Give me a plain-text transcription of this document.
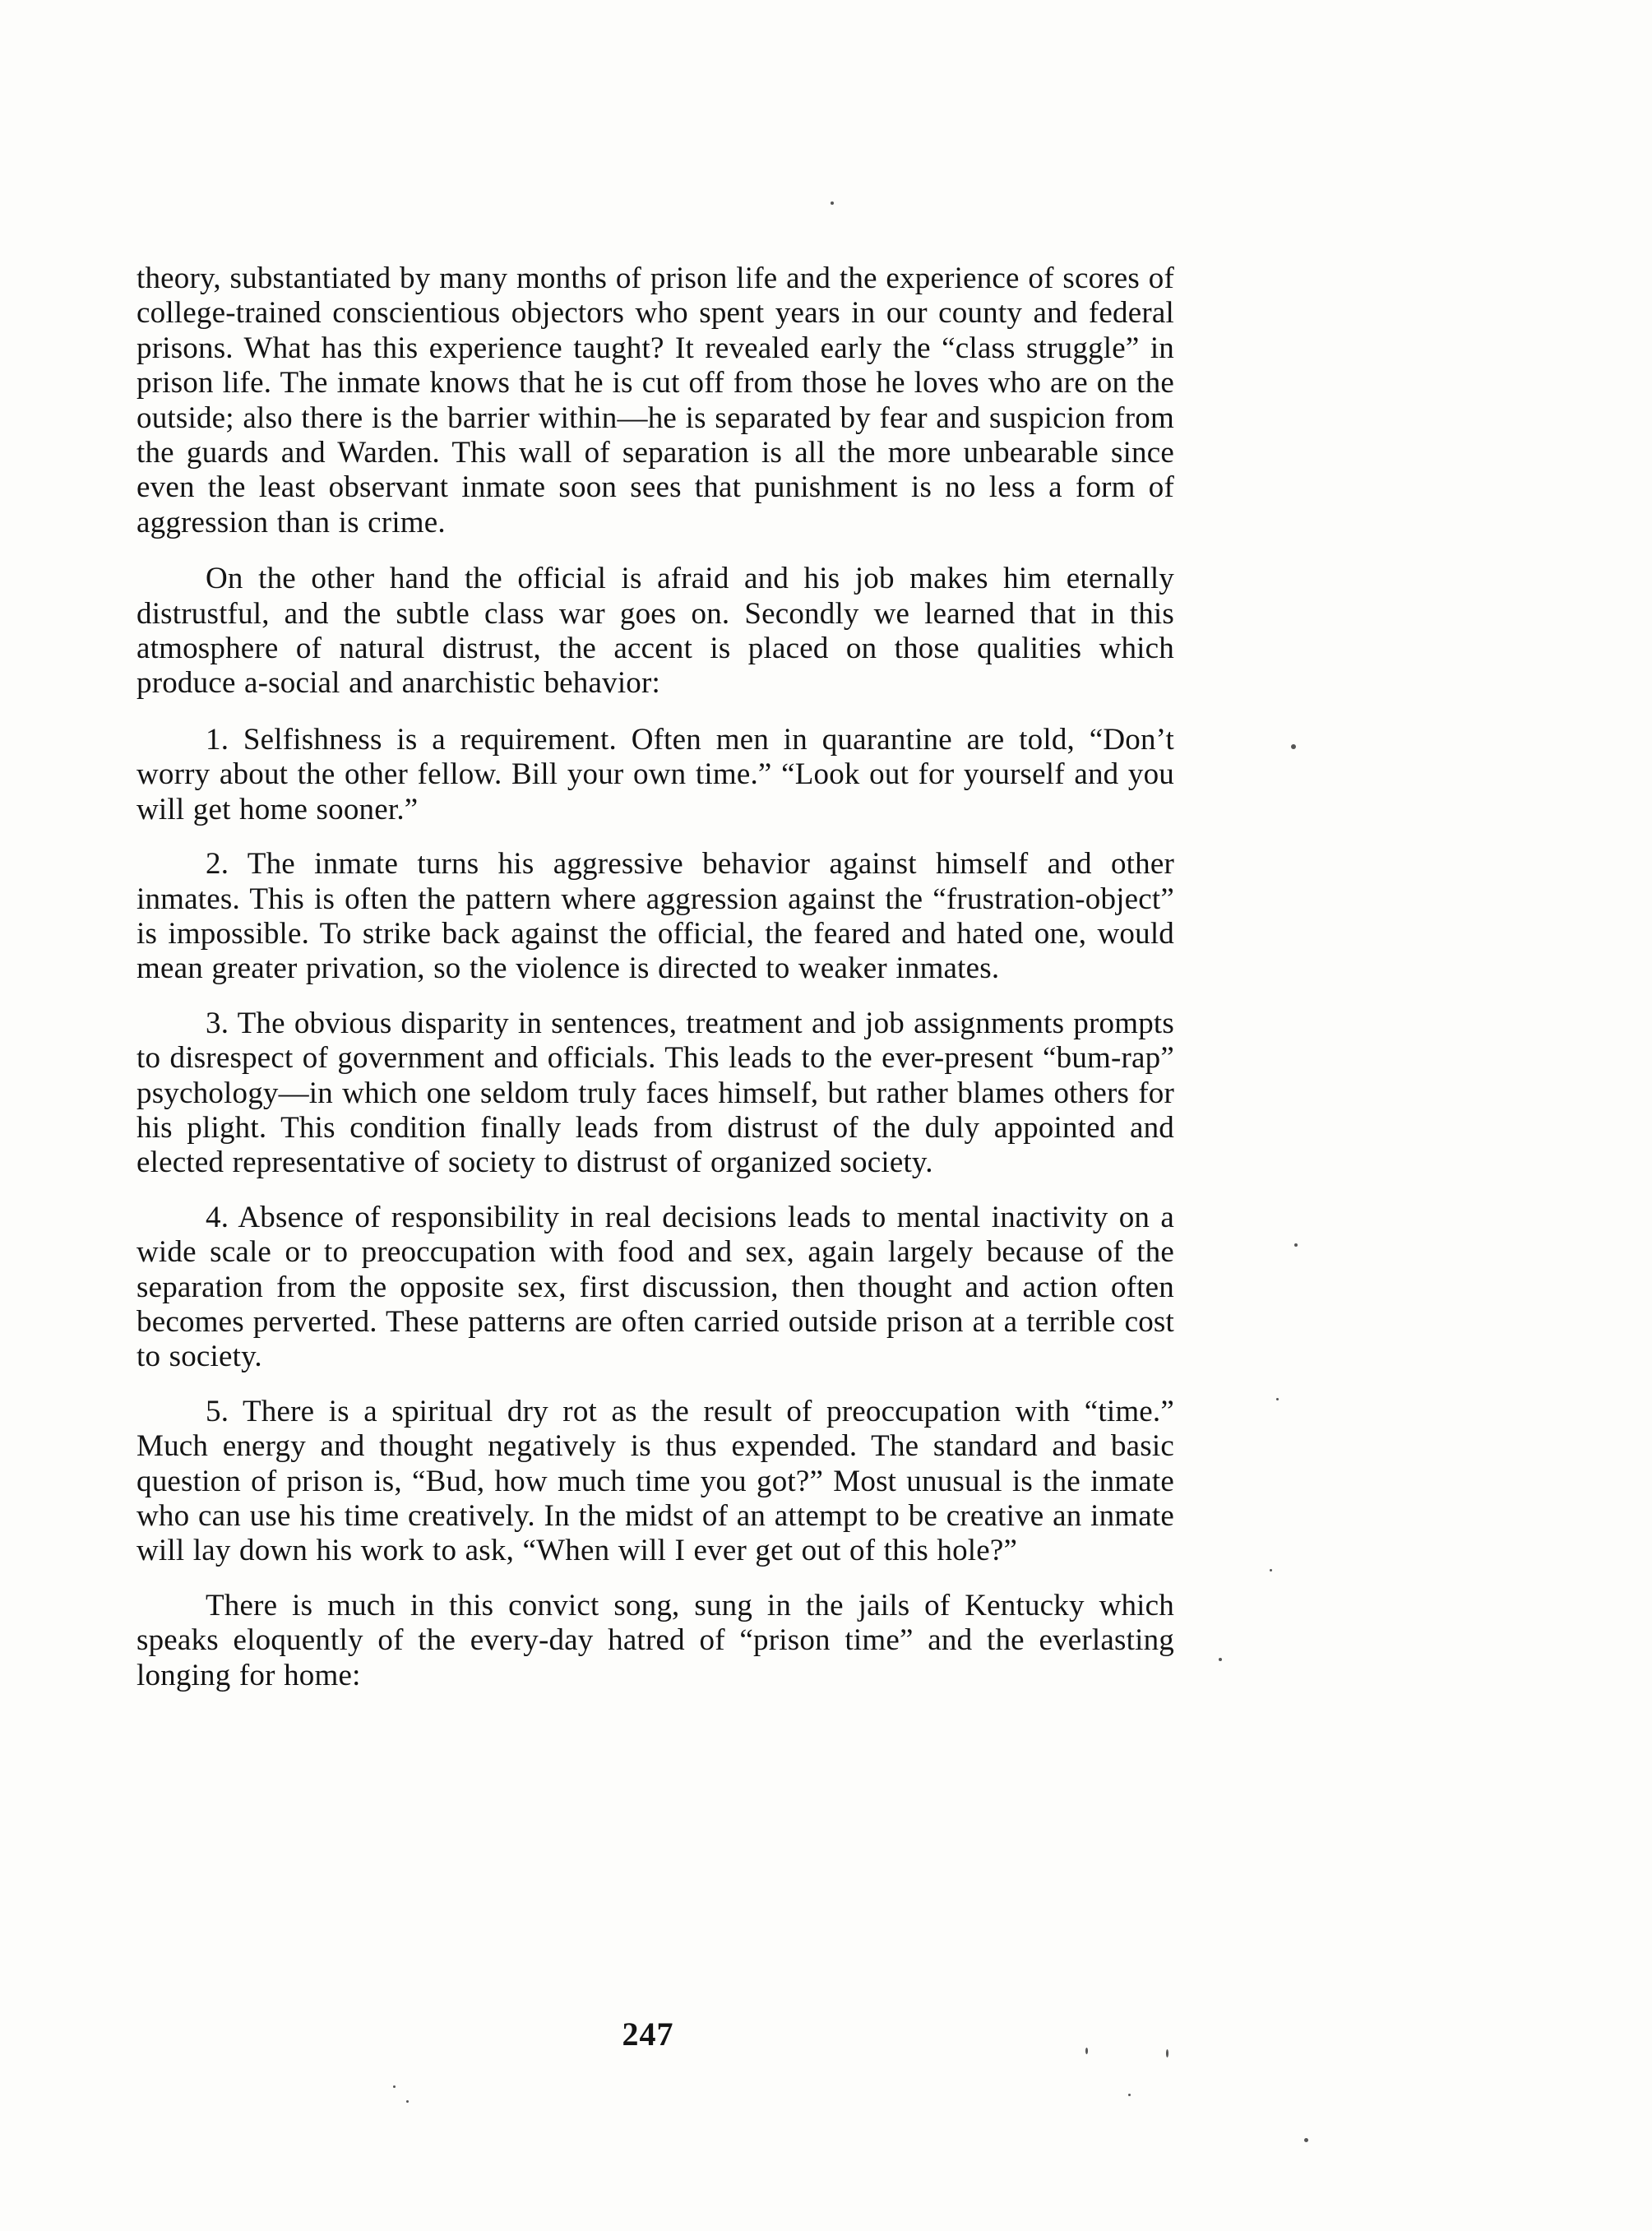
theory, substantiated by many months of prison life and the experience of scores of college-trained conscientious objectors who spent years in our county and federal prisons. What has this experience taught? It revealed early the “class struggle” in prison life. The inmate knows that he is cut off from those he loves who are on the outside; also there is the barrier within—he is separated by fear and suspicion from the guards and Warden. This wall of separation is all the more unbearable since even the least observant inmate soon sees that punishment is no less a form of aggression than is crime.

On the other hand the official is afraid and his job makes him eternally distrustful, and the subtle class war goes on. Secondly we learned that in this atmosphere of natural distrust, the accent is placed on those qualities which produce a-social and anarchistic behavior:

1. Selfishness is a requirement. Often men in quarantine are told, “Don’t worry about the other fellow. Bill your own time.” “Look out for yourself and you will get home sooner.”

2. The inmate turns his aggressive behavior against himself and other inmates. This is often the pattern where aggression against the “frustration-object” is impossible. To strike back against the official, the feared and hated one, would mean greater privation, so the violence is directed to weaker inmates.

3. The obvious disparity in sentences, treatment and job assignments prompts to disrespect of government and officials. This leads to the ever-present “bum-rap” psychology—in which one seldom truly faces himself, but rather blames others for his plight. This condition finally leads from distrust of the duly appointed and elected representative of society to distrust of organized society.

4. Absence of responsibility in real decisions leads to mental inactivity on a wide scale or to preoccupation with food and sex, again largely because of the separation from the opposite sex, first discussion, then thought and action often becomes perverted. These patterns are often carried outside prison at a terrible cost to society.

5. There is a spiritual dry rot as the result of preoccupation with “time.” Much energy and thought negatively is thus expended. The standard and basic question of prison is, “Bud, how much time you got?” Most unusual is the inmate who can use his time creatively. In the midst of an attempt to be creative an inmate will lay down his work to ask, “When will I ever get out of this hole?”

There is much in this convict song, sung in the jails of Kentucky which speaks eloquently of the every-day hatred of “prison time” and the everlasting longing for home:

247
